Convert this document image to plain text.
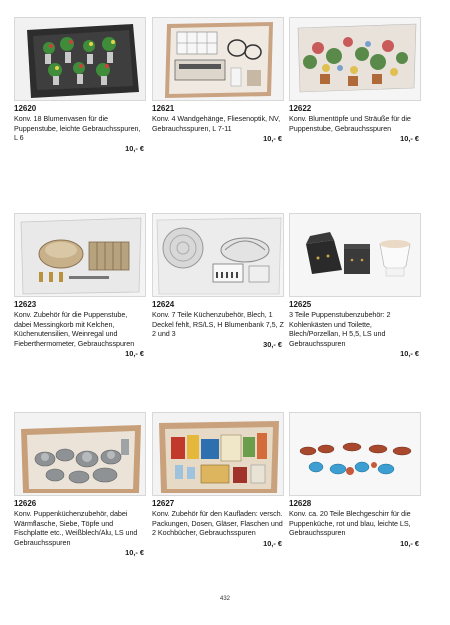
12620
Konv. 18 Blumenvasen für die Puppenstube, leichte Gebrauchsspuren, L 6
10,- €
12621
Konv. 4 Wandgehänge, Fliesenoptik, NV, Gebrauchsspuren, L 7-11
10,- €
12622
Konv. Blumentöpfe und Sträuße für die Puppenstube, Gebrauchsspuren
10,- €
12623
Konv. Zubehör für die Puppenstube, dabei Messingkorb mit Kelchen, Küchenutensilien, Weinregal und Fieberthermometer, Gebrauchsspuren
10,- €
12624
Konv. 7 Teile Küchenzubehör, Blech, 1 Deckel fehlt, RS/LS, H Blumenbank 7,5, Z 2 und 3
30,- €
12625
3 Teile Puppenstubenzubehör: 2 Kohlenkästen und Toilette, Blech/Porzellan, H 5,5, LS und Gebrauchsspuren
10,- €
12626
Konv. Puppenküchenzubehör, dabei Wärmflasche, Siebe, Töpfe und Fischplatte etc., Weißblech/Alu, LS und Gebrauchsspuren
10,- €
12627
Konv. Zubehör für den Kaufladen: versch. Packungen, Dosen, Gläser, Flaschen und 2 Kochbücher, Gebrauchsspuren
10,- €
12628
Konv. ca. 20 Teile Blechgeschirr für die Puppenküche, rot und blau, leichte LS, Gebrauchsspuren
10,- €
432
